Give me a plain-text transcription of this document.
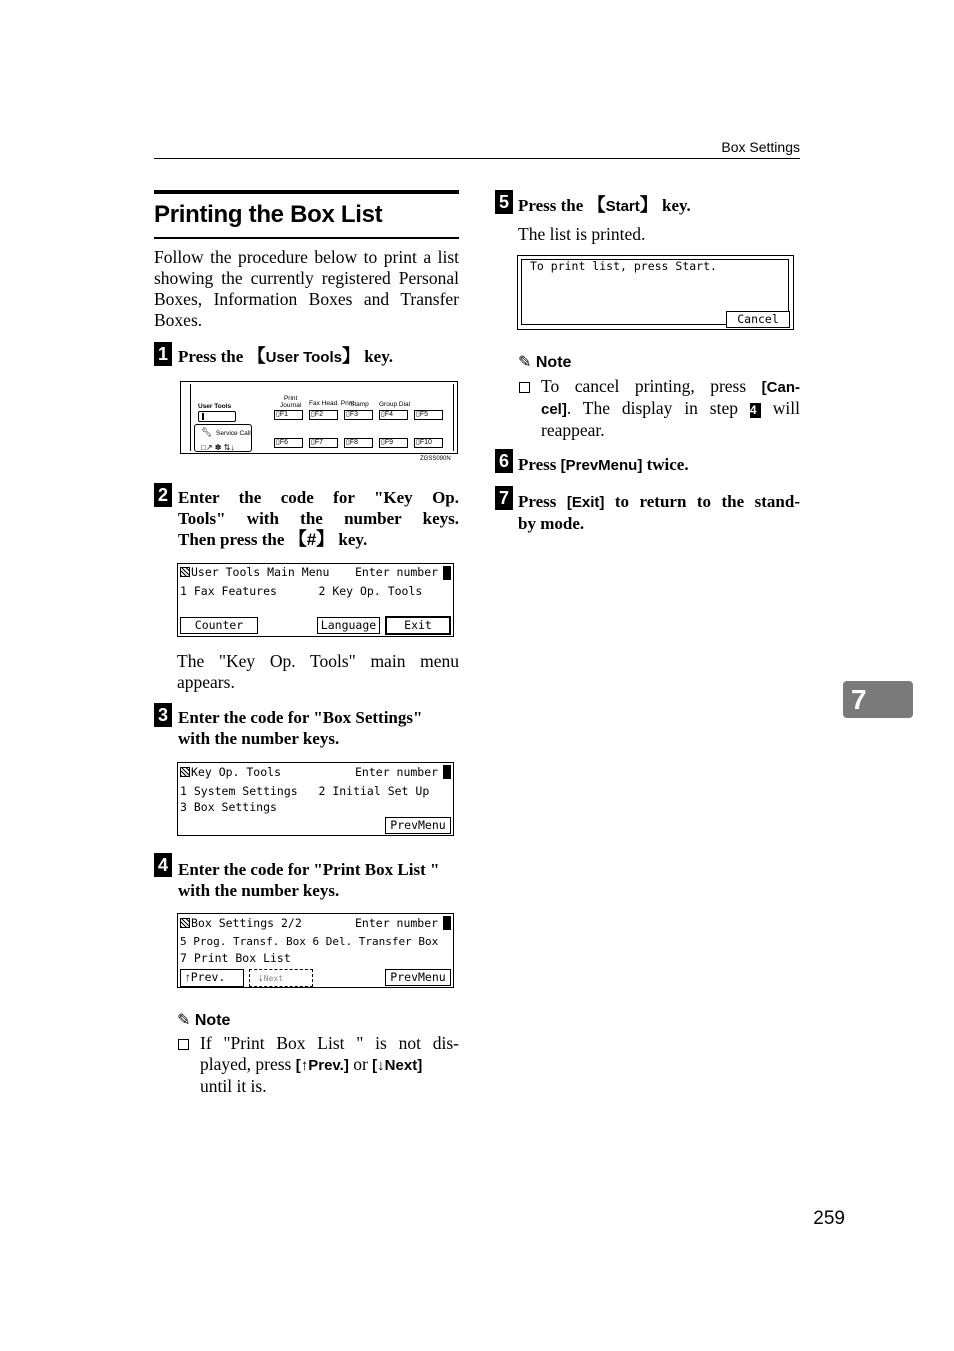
Box Settings
Printing the Box List
Follow the procedure below to print a list showing the currently registered Personal Boxes, Information Boxes and Transfer Boxes.
1 Press the 【User Tools】 key.
User Tools
🔧︎ Service Call
□↗ ✽ ⇅↓
Print
Journal Fax Head. Print
Stamp Group Dial
▯F1	▯F2	▯F3	▯F4	▯F5
▯F6	▯F7	▯F8	▯F9	▯F10
ZGSS090N
2 Enter the code for "Key Op.
Tools" with the number keys.
Then press the 【#】 key.
User Tools Main Menu Enter number
1 Fax Features      2 Key Op. Tools
Counter	Language	Exit
The "Key Op. Tools" main menu appears.
3 Enter the code for "Box Settings"
with the number keys.
Key Op. Tools	Enter number
1 System Settings   2 Initial Set Up
3 Box Settings
PrevMenu
4 Enter the code for "Print Box List "
with the number keys.
Box Settings 2/2	Enter number
5 Prog. Transf. Box 6 Del. Transfer Box
7 Print Box List
↑Prev.	↓Next	PrevMenu
✎ Note
If "Print Box List " is not dis-
played, press [↑Prev.] or [↓Next]
until it is.
5 Press the 【Start】 key.
The list is printed.
To print list, press Start.
Cancel
✎ Note
To cancel printing, press [Can-
cel]. The display in step 4 will
reappear.
6 Press [PrevMenu] twice.
7 Press [Exit] to return to the stand-
by mode.
7
259
